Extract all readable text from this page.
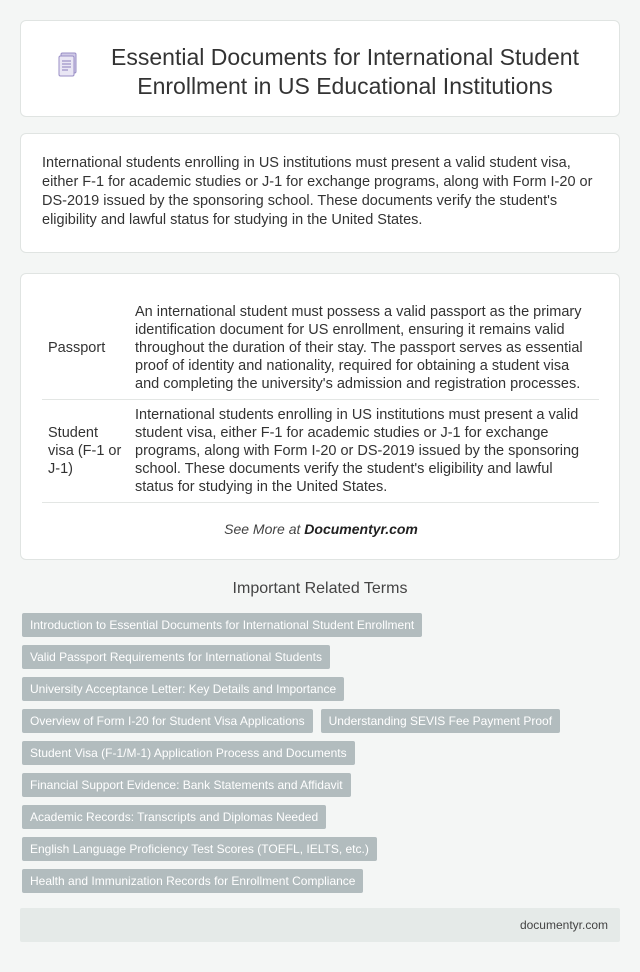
Essential Documents for International Student Enrollment in US Educational Institutions

International students enrolling in US institutions must present a valid student visa, either F-1 for academic studies or J-1 for exchange programs, along with Form I-20 or DS-2019 issued by the sponsoring school. These documents verify the student's eligibility and lawful status for studying in the United States.

Passport	An international student must possess a valid passport as the primary identification document for US enrollment, ensuring it remains valid throughout the duration of their stay. The passport serves as essential proof of identity and nationality, required for obtaining a student visa and completing the university's admission and registration processes.
Student visa (F-1 or J-1)	International students enrolling in US institutions must present a valid student visa, either F-1 for academic studies or J-1 for exchange programs, along with Form I-20 or DS-2019 issued by the sponsoring school. These documents verify the student's eligibility and lawful status for studying in the United States.
See More at Documentyr.com
Important Related Terms
Introduction to Essential Documents for International Student Enrollment
Valid Passport Requirements for International Students
University Acceptance Letter: Key Details and Importance
Overview of Form I-20 for Student Visa Applications	Understanding SEVIS Fee Payment Proof
Student Visa (F-1/M-1) Application Process and Documents
Financial Support Evidence: Bank Statements and Affidavit
Academic Records: Transcripts and Diplomas Needed
English Language Proficiency Test Scores (TOEFL, IELTS, etc.)
Health and Immunization Records for Enrollment Compliance
documentyr.com
